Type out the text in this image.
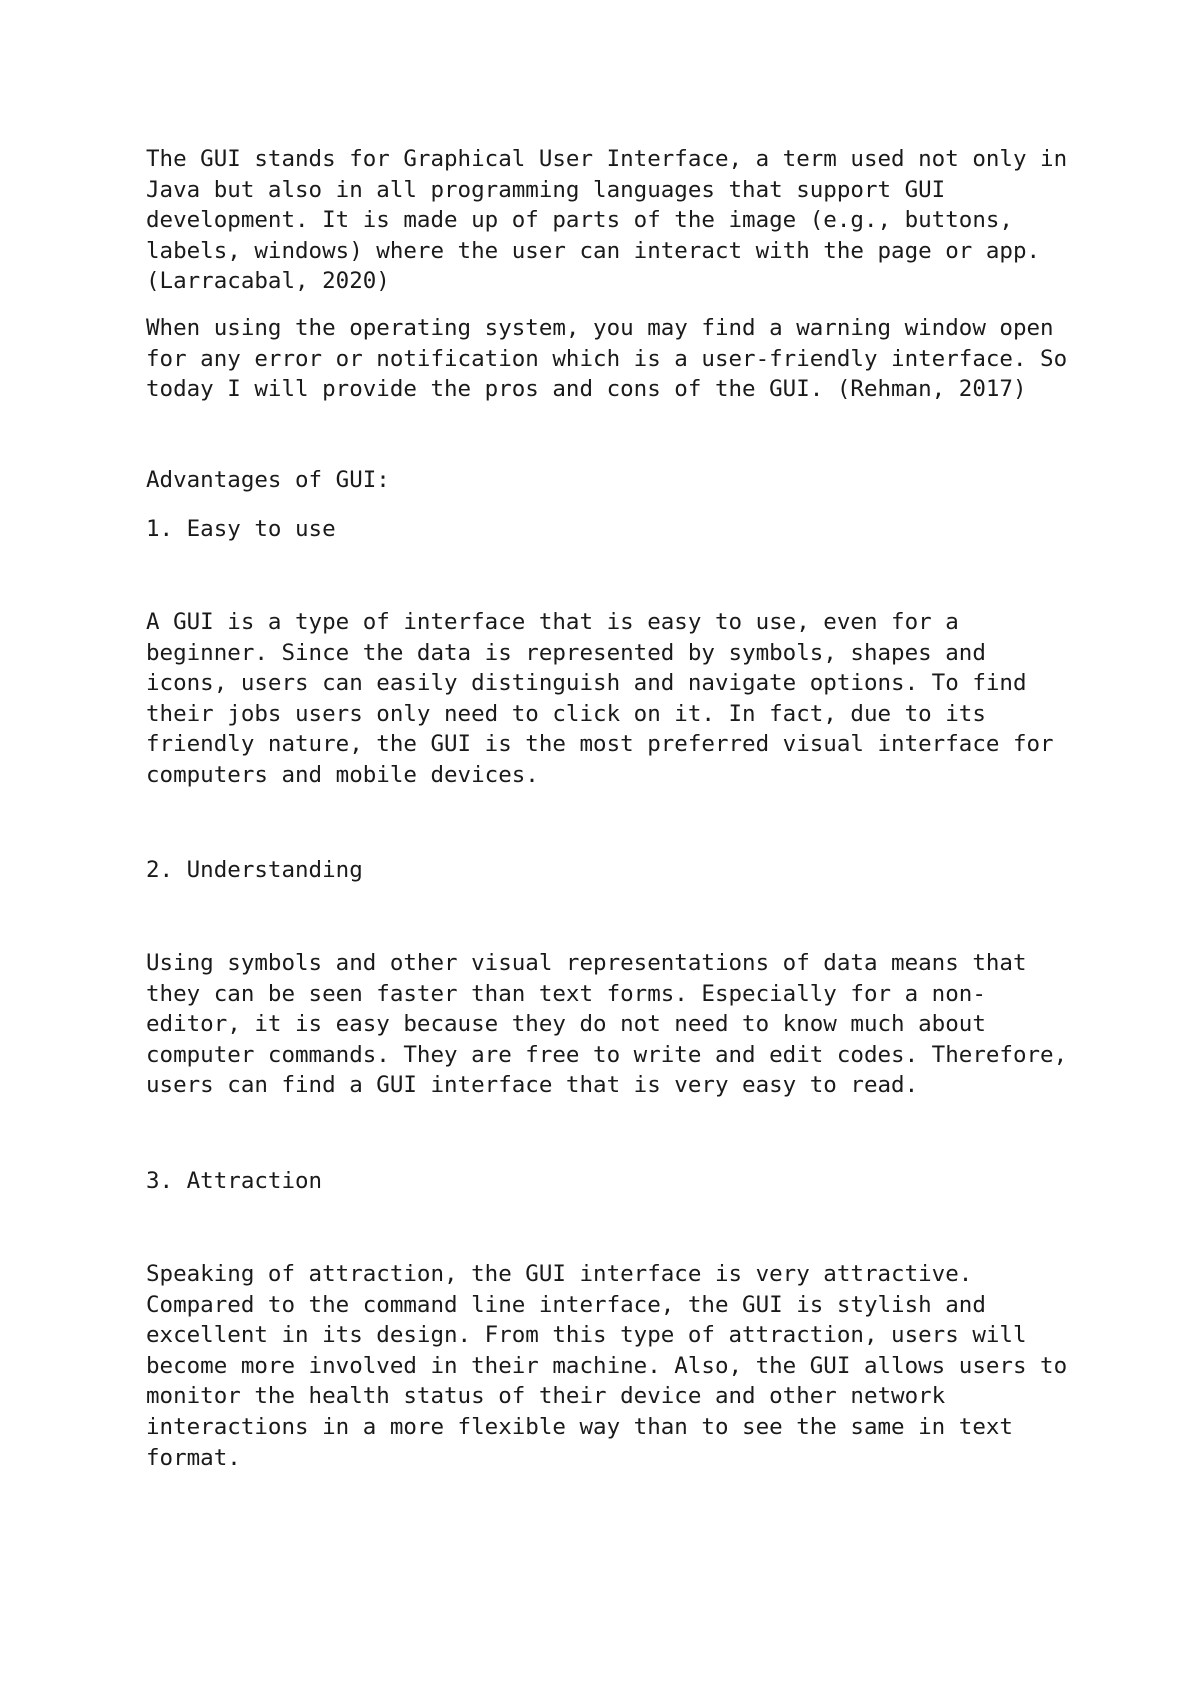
The GUI stands for Graphical User Interface, a term used not only in
Java but also in all programming languages that support GUI
development. It is made up of parts of the image (e.g., buttons,
labels, windows) where the user can interact with the page or app.
(Larracabal, 2020)

When using the operating system, you may find a warning window open
for any error or notification which is a user-friendly interface. So
today I will provide the pros and cons of the GUI. (Rehman, 2017)

Advantages of GUI:

1. Easy to use

A GUI is a type of interface that is easy to use, even for a
beginner. Since the data is represented by symbols, shapes and
icons, users can easily distinguish and navigate options. To find
their jobs users only need to click on it. In fact, due to its
friendly nature, the GUI is the most preferred visual interface for
computers and mobile devices.

2. Understanding

Using symbols and other visual representations of data means that
they can be seen faster than text forms. Especially for a non-
editor, it is easy because they do not need to know much about
computer commands. They are free to write and edit codes. Therefore,
users can find a GUI interface that is very easy to read.

3. Attraction

Speaking of attraction, the GUI interface is very attractive.
Compared to the command line interface, the GUI is stylish and
excellent in its design. From this type of attraction, users will
become more involved in their machine. Also, the GUI allows users to
monitor the health status of their device and other network
interactions in a more flexible way than to see the same in text
format.
